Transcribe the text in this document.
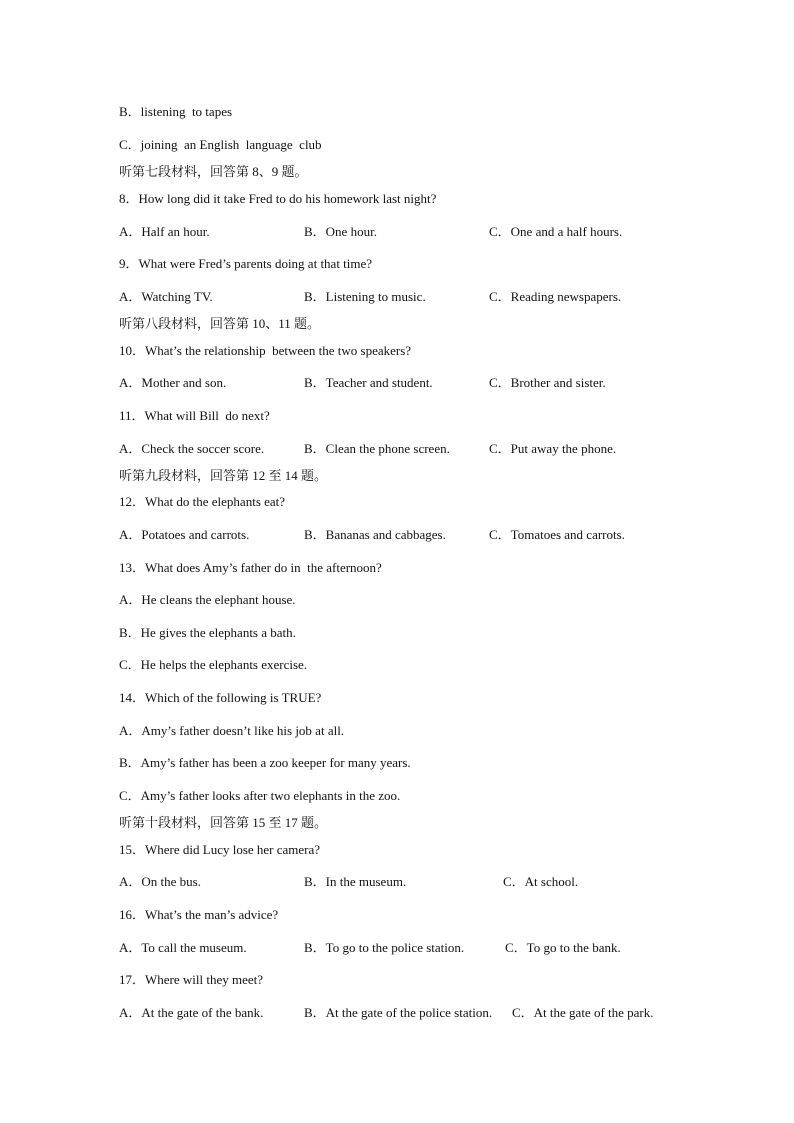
B．listening  to tapes
C．joining  an English  language  club
听第七段材料，回答第 8、9 题。
8．How long did it take Fred to do his homework last night?
A．Half an hour.	B．One hour.	C．One and a half hours.
9．What were Fred’s parents doing at that time?
A．Watching TV.	B．Listening to music.	C．Reading newspapers.
听第八段材料，回答第 10、11 题。
10．What’s the relationship  between the two speakers?
A．Mother and son.	B．Teacher and student.	C．Brother and sister.
11．What will Bill  do next?
A．Check the soccer score.	B．Clean the phone screen.	C．Put away the phone.
听第九段材料，回答第 12 至 14 题。
12．What do the elephants eat?
A．Potatoes and carrots.	B．Bananas and cabbages.	C．Tomatoes and carrots.
13．What does Amy’s father do in  the afternoon?
A．He cleans the elephant house.
B．He gives the elephants a bath.
C．He helps the elephants exercise.
14．Which of the following is TRUE?
A．Amy’s father doesn’t like his job at all.
B．Amy’s father has been a zoo keeper for many years.
C．Amy’s father looks after two elephants in the zoo.
听第十段材料，回答第 15 至 17 题。
15．Where did Lucy lose her camera?
A．On the bus.	B．In the museum.	C．At school.
16．What’s the man’s advice?
A．To call the museum.	B．To go to the police station.	C．To go to the bank.
17．Where will they meet?
A．At the gate of the bank.	B．At the gate of the police station. C．At the gate of the park.
